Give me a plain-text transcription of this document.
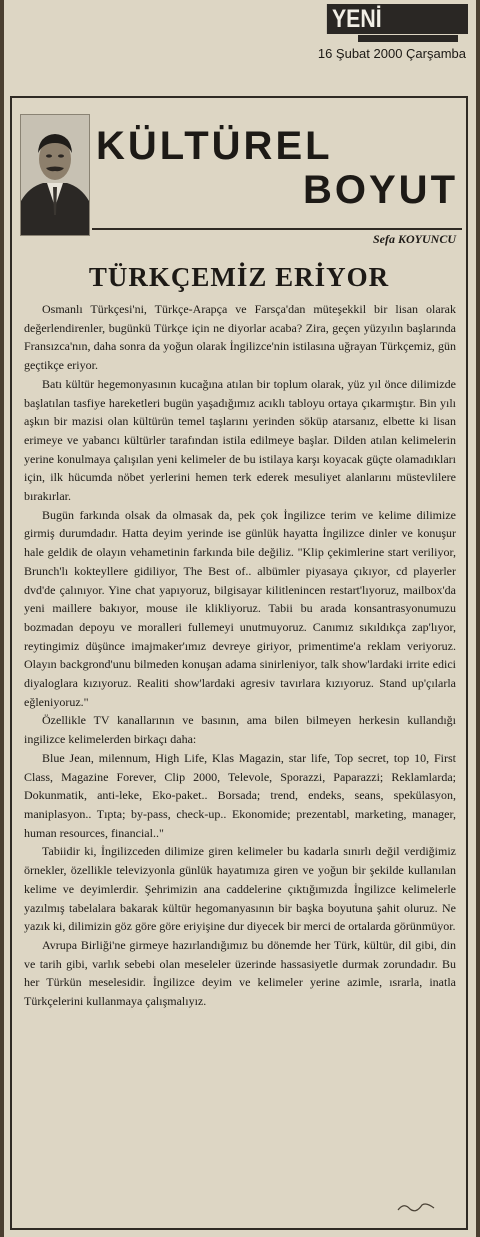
YENİ
16 Şubat 2000 Çarşamba
KÜLTÜREL
BOYUT
Sefa KOYUNCU
TÜRKÇEMİZ ERİYOR

Osmanlı Türkçesi'ni, Türkçe-Arapça ve Farsça'dan müteşekkil bir lisan olarak değerlendirenler, bugünkü Türkçe için ne diyorlar acaba? Zira, geçen yüzyılın başlarında Fransızca'nın, daha sonra da yoğun olarak İngilizce'nin istilasına uğrayan Türkçemiz, gün geçtikçe eriyor.

Batı kültür hegemonyasının kucağına atılan bir toplum olarak, yüz yıl önce dilimizde başlatılan tasfiye hareketleri bugün yaşadığımız acıklı tabloyu ortaya çıkarmıştır. Bin yılı aşkın bir mazisi olan kültürün temel taşlarını yerinden söküp atarsanız, elbette ki lisan erimeye ve yabancı kültürler tarafından istila edilmeye başlar. Dilden atılan kelimelerin yerine konulmaya çalışılan yeni kelimeler de bu istilaya karşı koyacak güçte olamadıkları için, ilk hücumda nöbet yerlerini hemen terk ederek mesuliyet alanlarını müstevlilere bırakırlar.

Bugün farkında olsak da olmasak da, pek çok İngilizce terim ve kelime dilimize girmiş durumdadır. Hatta deyim yerinde ise günlük hayatta İngilizce dinler ve konuşur hale geldik de olayın vehametinin farkında bile değiliz. "Klip çekimlerine start veriliyor, Brunch'lı kokteyllere gidiliyor, The Best of.. albümler piyasaya çıkıyor, cd playerler dvd'de çalınıyor. Yine chat yapıyoruz, bilgisayar kilitlenincen restart'lıyoruz, mailbox'da yeni maillere bakıyor, mouse ile klikliyoruz. Tabii bu arada konsantrasyonumuzu bozmadan depoyu ve moralleri fullemeyi unutmuyoruz. Canımız sıkıldıkça zap'lıyor, reytingimiz düşünce imajmaker'ımız devreye giriyor, primentime'a reklam veriyoruz. Olayın backgrond'unu bilmeden konuşan adama sinirleniyor, talk show'lardaki irrite edici diyaloglara kızıyoruz. Realiti show'lardaki agresiv tavırlara kızıyoruz. Stand up'çılarla eğleniyoruz."

Özellikle TV kanallarının ve basının, ama bilen bilmeyen herkesin kullandığı ingilizce kelimelerden birkaçı daha:

Blue Jean, milennum, High Life, Klas Magazin, star life, Top secret, top 10, First Class, Magazine Forever, Clip 2000, Televole, Sporazzi, Paparazzi; Reklamlarda; Dokunmatik, anti-leke, Eko-paket.. Borsada; trend, endeks, seans, spekülasyon, maniplasyon.. Tıpta; by-pass, check-up.. Ekonomide; prezentabl, marketing, manager, human resources, financial.."

Tabiidir ki, İngilizceden dilimize giren kelimeler bu kadarla sınırlı değil verdiğimiz örnekler, özellikle televizyonla günlük hayatımıza giren ve yoğun bir şekilde kullanılan kelime ve deyimlerdir. Şehrimizin ana caddelerine çıktığımızda İngilizce kelimelerle yazılmış tabelalara bakarak kültür hegomanyasının bir başka boyutuna şahit oluruz. Ne yazık ki, dilimizin göz göre göre eriyişine dur diyecek bir merci de ortalarda görünmüyor.

Avrupa Birliği'ne girmeye hazırlandığımız bu dönemde her Türk, kültür, dil gibi, din ve tarih gibi, varlık sebebi olan meseleler üzerinde hassasiyetle durmak zorundadır. Bu her Türkün meselesidir. İngilizce deyim ve kelimeler yerine azimle, ısrarla, inatla Türkçelerini kullanmaya çalışmalıyız.
